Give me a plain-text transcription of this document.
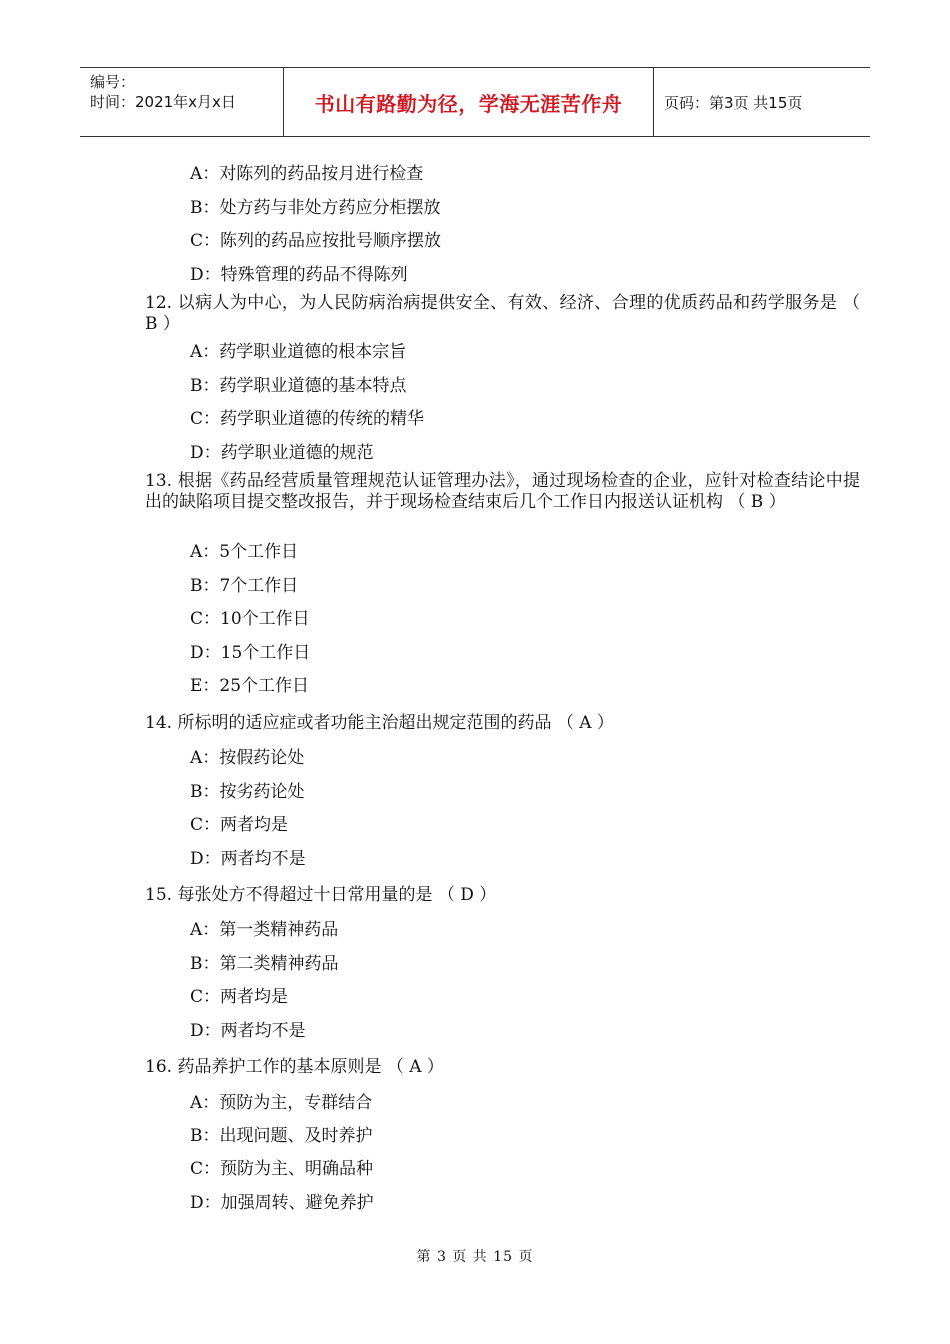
编号：
时间：2021年x月x日	书山有路勤为径，学海无涯苦作舟	页码：第3页 共15页
A：对陈列的药品按月进行检查
B：处方药与非处方药应分柜摆放
C：陈列的药品应按批号顺序摆放
D：特殊管理的药品不得陈列
12. 以病人为中心，为人民防病治病提供安全、有效、经济、合理的优质药品和药学服务是 （ B ）
A：药学职业道德的根本宗旨
B：药学职业道德的基本特点
C：药学职业道德的传统的精华
D：药学职业道德的规范
13. 根据《药品经营质量管理规范认证管理办法》，通过现场检查的企业，应针对检查结论中提出的缺陷项目提交整改报告，并于现场检查结束后几个工作日内报送认证机构 （ B ）
A：5个工作日
B：7个工作日
C：10个工作日
D：15个工作日
E：25个工作日
14. 所标明的适应症或者功能主治超出规定范围的药品 （ A ）
A：按假药论处
B：按劣药论处
C：两者均是
D：两者均不是
15. 每张处方不得超过十日常用量的是 （ D ）
A：第一类精神药品
B：第二类精神药品
C：两者均是
D：两者均不是
16. 药品养护工作的基本原则是 （ A ）
A：预防为主，专群结合
B：出现问题、及时养护
C：预防为主、明确品种
D：加强周转、避免养护
第 3 页 共 15 页
